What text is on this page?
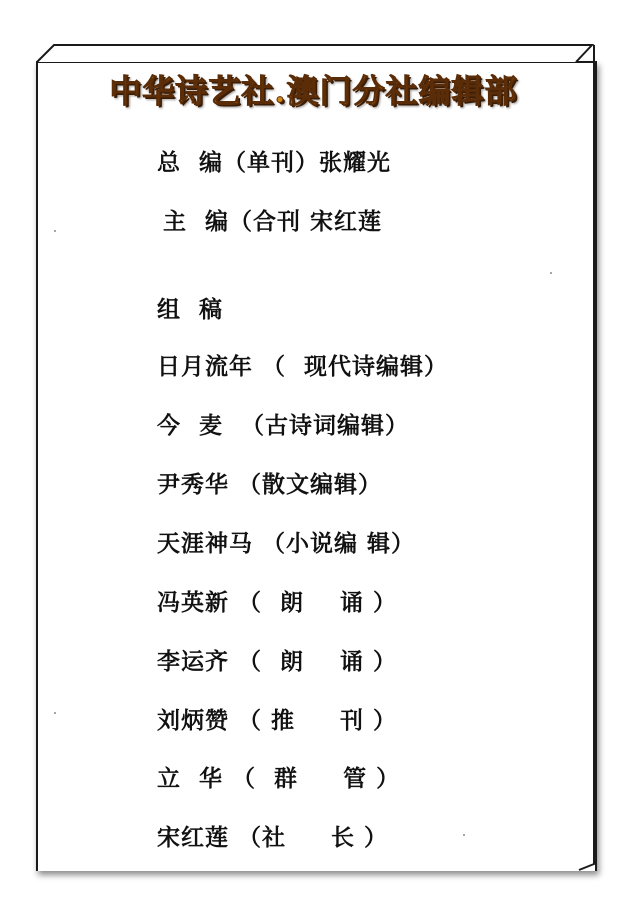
中华诗艺社.澳门分社编辑部
总  编（单刊）张耀光
主  编（合刊 宋红莲
组  稿
日月流年 （  现代诗编辑）
今  麦  （古诗词编辑）
尹秀华 （散文编辑）
天涯神马 （小说编 辑）
冯英新 （  朗    诵 ）
李运齐 （  朗    诵 ）
刘炳赞 （ 推     刊 ）
立  华 （  群     管 ）
宋红莲 （社     长 ）
